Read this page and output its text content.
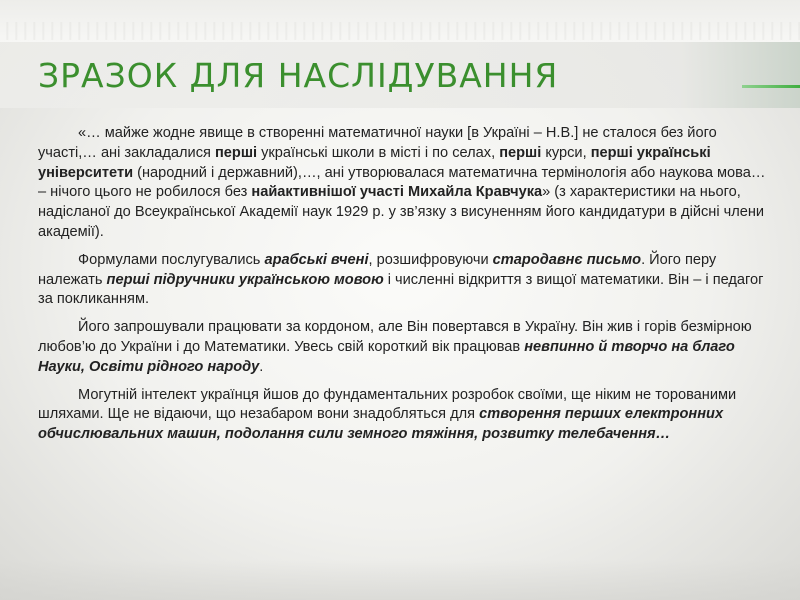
ЗРАЗОК ДЛЯ НАСЛІДУВАННЯ

«… майже жодне явище в створенні математичної науки [в Україні – Н.В.] не сталося без його участі,… ані закладалися перші українські школи в місті і по селах, перші курси, перші українські університети (народний і державний),…, ані утворювалася математична термінологія або наукова мова… – нічого цього не робилося без найактивнішої участі Михайла Кравчука» (з характеристики на нього, надісланої до Всеукраїнської Академії наук 1929 р. у зв’язку з висуненням його кандидатури в дійсні члени академії).

Формулами послугувались арабські вчені, розшифровуючи стародавнє письмо. Його перу належать перші підручники українською мовою і численні відкриття з вищої математики. Він – і педагог за покликанням.

Його запрошували працювати за кордоном, але Він повертався в Україну. Він жив і горів безмірною любов’ю до України і до Математики. Увесь свій короткий вік працював невпинно й творчо на благо Науки, Освіти рідного народу.

Могутній інтелект українця йшов до фундаментальних розробок своїми, ще ніким не торованими шляхами. Ще не відаючи, що незабаром вони знадобляться для створення перших електронних обчислювальних машин, подолання сили земного тяжіння, розвитку телебачення…
